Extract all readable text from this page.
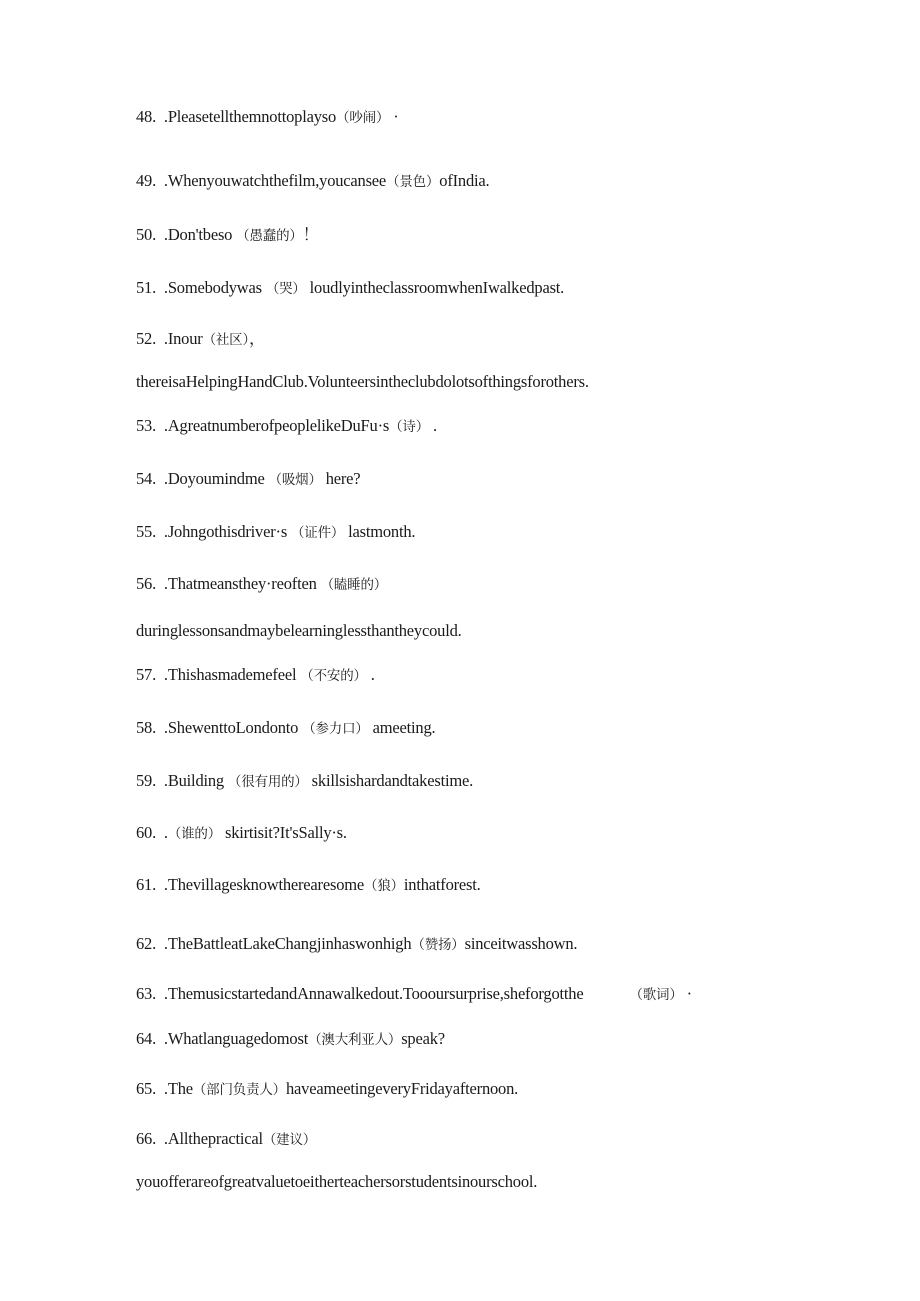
48. .Pleasetellthemnottoplayso（吵闹） ·
49. .Whenyouwatchthefilm,youcansee（景色）ofIndia.
50. .Don'tbeso （愚蠢的）！
51. .Somebodywas （哭） loudlyintheclassroomwhenIwalkedpast.
52. .Inour（社区），
thereisaHelpingHandClub.Volunteersintheclubdolotsofthingsforothers.
53. .AgreatnumberofpeoplelikeDuFu·s（诗） .
54. .Doyoumindme （吸烟） here?
55. .Johngothisdriver·s （证件） lastmonth.
56. .Thatmeansthey·reoften （瞌睡的）
duringlessonsandmaybelearninglessthantheycould.
57. .Thishasmademefeel （不安的） .
58. .ShewenttoLondonto （参力口） ameeting.
59. .Building （很有用的） skillsishardandtakestime.
60. .（谁的） skirtisit?It'sSally·s.
61. .Thevillagesknowtherearesome（狼）inthatforest.
62. .TheBattleatLakeChangjinhaswonhigh（赞扬）sinceitwasshown.
63. .ThemusicstartedandAnnawalkedout.Toooursurprise,sheforgotthe	（歌词） ·
64. .Whatlanguagedomost（澳大利亚人）speak?
65. .The（部门负责人）haveameetingeveryFridayafternoon.
66. .Allthepractical（建议）
youofferareofgreatvaluetoeitherteachersorstudentsinourschool.
